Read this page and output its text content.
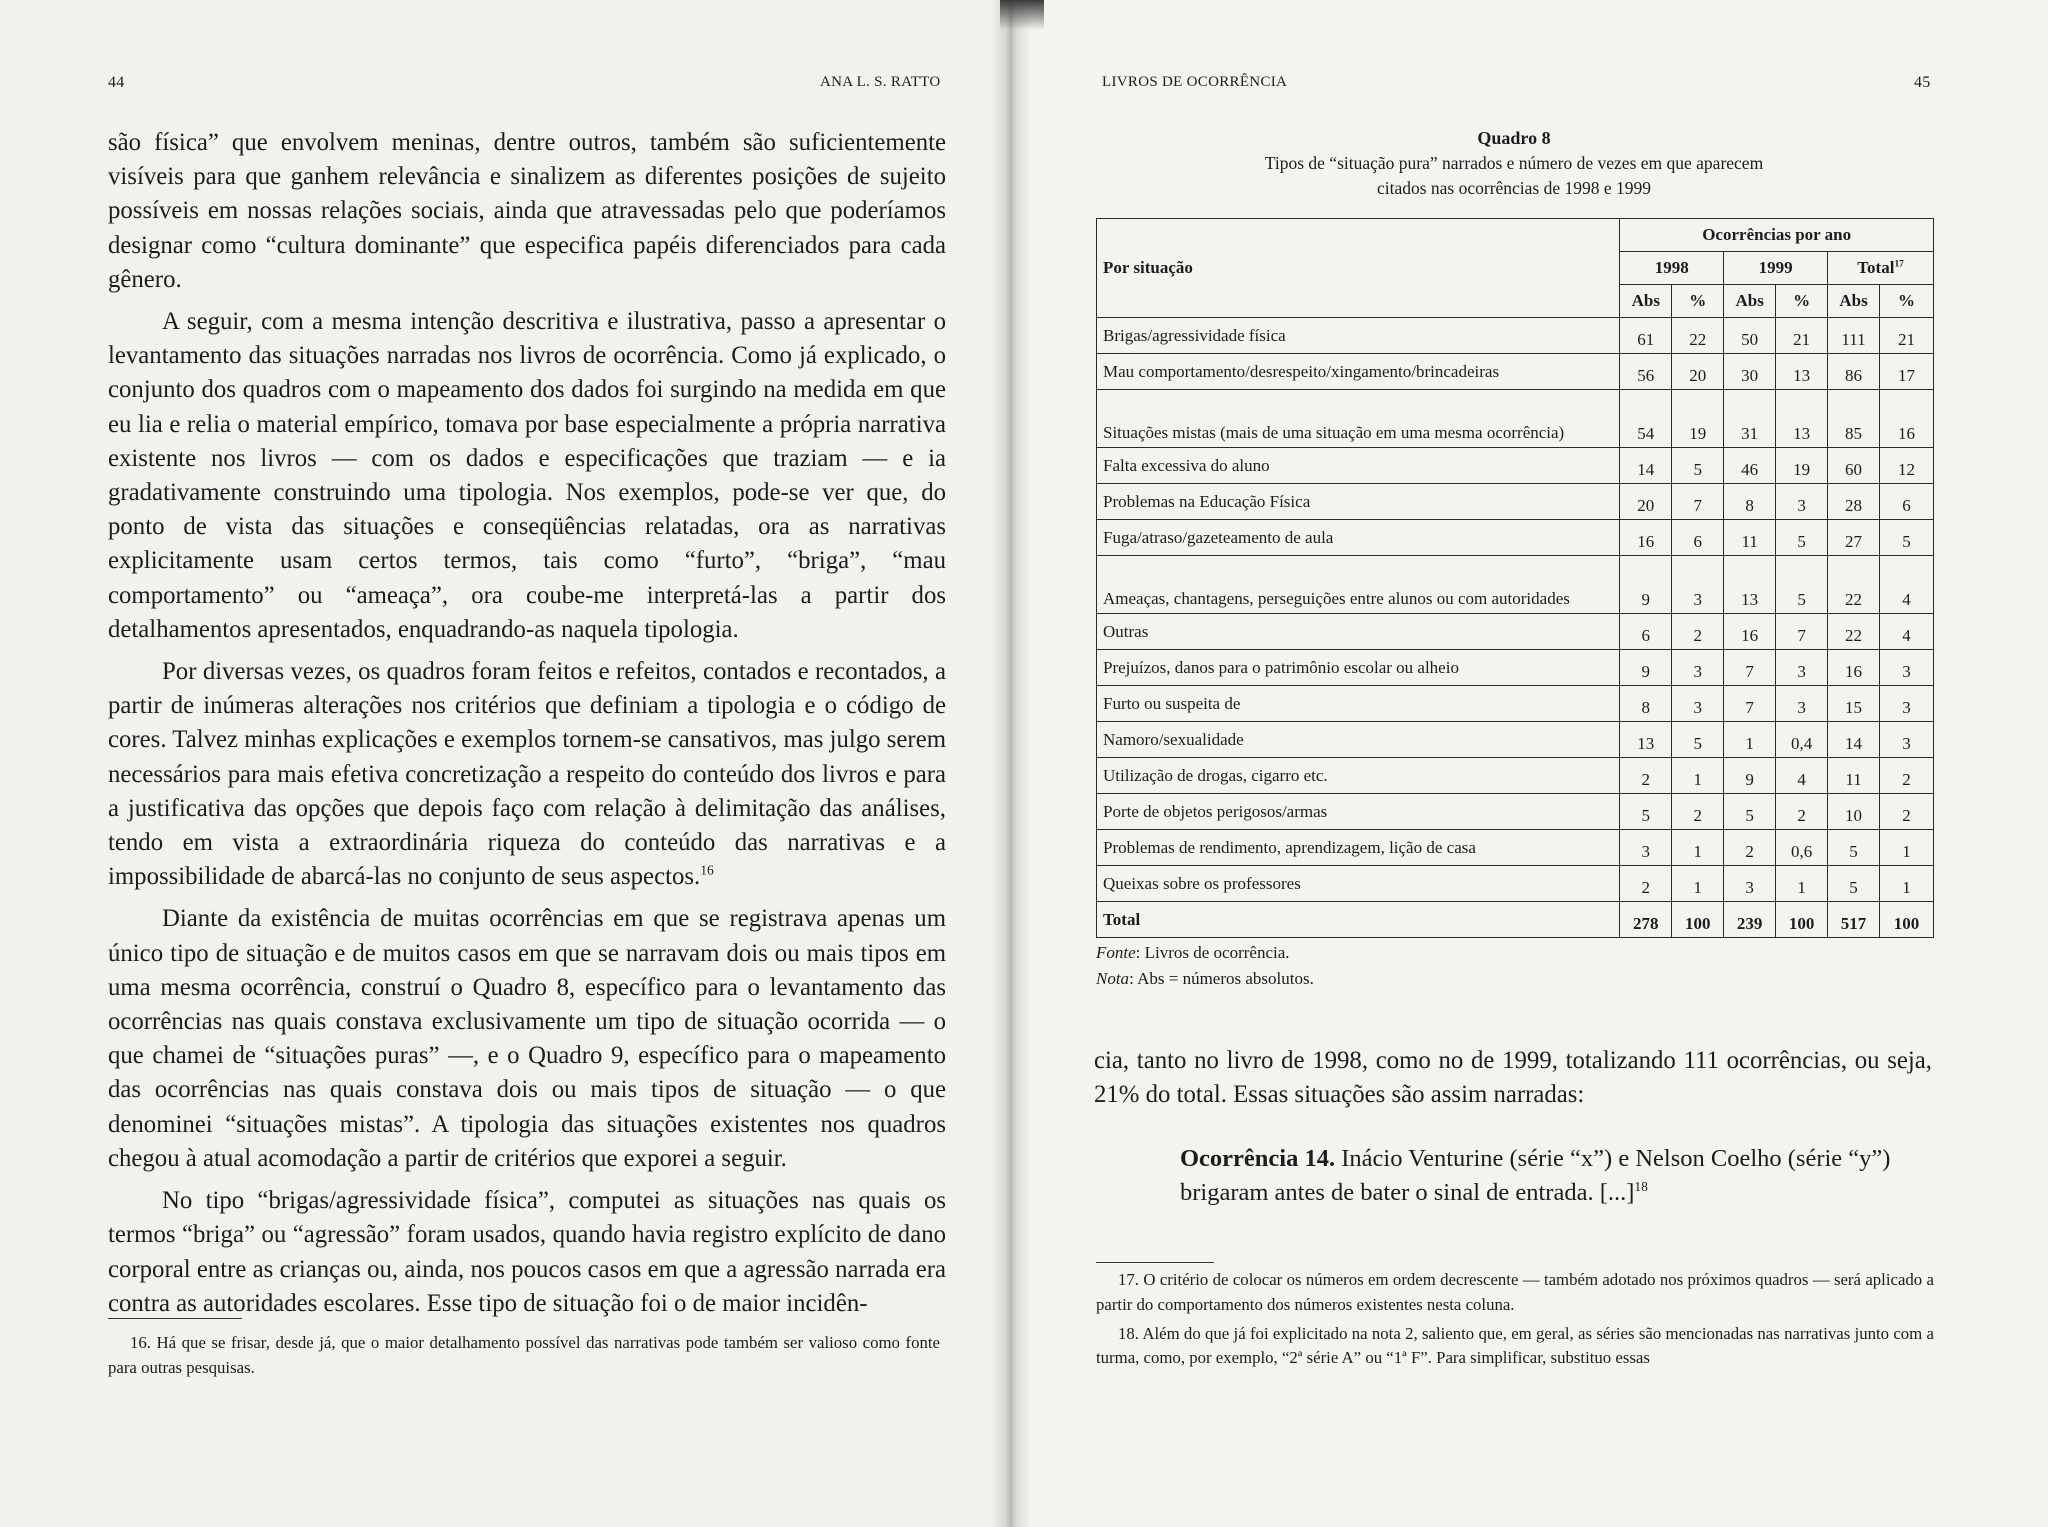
44	ANA L. S. RATTO

são física” que envolvem meninas, dentre outros, também são suficientemente visíveis para que ganhem relevância e sinalizem as diferentes posições de sujeito possíveis em nossas relações sociais, ainda que atravessadas pelo que poderíamos designar como “cultura dominante” que especifica papéis diferenciados para cada gênero.

A seguir, com a mesma intenção descritiva e ilustrativa, passo a apresentar o levantamento das situações narradas nos livros de ocorrência. Como já explicado, o conjunto dos quadros com o mapeamento dos dados foi surgindo na medida em que eu lia e relia o material empírico, tomava por base especialmente a própria narrativa existente nos livros — com os dados e especificações que traziam — e ia gradativamente construindo uma tipologia. Nos exemplos, pode-se ver que, do ponto de vista das situações e conseqüências relatadas, ora as narrativas explicitamente usam certos termos, tais como “furto”, “briga”, “mau comportamento” ou “ameaça”, ora coube-me interpretá-las a partir dos detalhamentos apresentados, enquadrando-as naquela tipologia.

Por diversas vezes, os quadros foram feitos e refeitos, contados e recontados, a partir de inúmeras alterações nos critérios que definiam a tipologia e o código de cores. Talvez minhas explicações e exemplos tornem-se cansativos, mas julgo serem necessários para mais efetiva concretização a respeito do conteúdo dos livros e para a justificativa das opções que depois faço com relação à delimitação das análises, tendo em vista a extraordinária riqueza do conteúdo das narrativas e a impossibilidade de abarcá-las no conjunto de seus aspectos.$^{16}$

Diante da existência de muitas ocorrências em que se registrava apenas um único tipo de situação e de muitos casos em que se narravam dois ou mais tipos em uma mesma ocorrência, construí o Quadro 8, específico para o levantamento das ocorrências nas quais constava exclusivamente um tipo de situação ocorrida — o que chamei de “situações puras” —, e o Quadro 9, específico para o mapeamento das ocorrências nas quais constava dois ou mais tipos de situação — o que denominei “situações mistas”. A tipologia das situações existentes nos quadros chegou à atual acomodação a partir de critérios que exporei a seguir.

No tipo “brigas/agressividade física”, computei as situações nas quais os termos “briga” ou “agressão” foram usados, quando havia registro explícito de dano corporal entre as crianças ou, ainda, nos poucos casos em que a agressão narrada era contra as autoridades escolares. Esse tipo de situação foi o de maior incidên-

16. Há que se frisar, desde já, que o maior detalhamento possível das narrativas pode também ser valioso como fonte para outras pesquisas.

LIVROS DE OCORRÊNCIA	45
Quadro 8
Tipos de “situação pura” narrados e número de vezes em que aparecem citados nas ocorrências de 1998 e 1999
Por situação	Ocorrências por ano					
	1998		1999		Total$^{17}$
	Abs	%	Abs	%	Abs	%
Brigas/agressividade física	61	22	50	21	111	21
Mau comportamento/desrespeito/xingamento/brincadeiras	56	20	30	13	86	17
Situações mistas (mais de uma situação em uma mesma ocorrência)	54	19	31	13	85	16
Falta excessiva do aluno	14	5	46	19	60	12
Problemas na Educação Física	20	7	8	3	28	6
Fuga/atraso/gazeteamento de aula	16	6	11	5	27	5
Ameaças, chantagens, perseguições entre alunos ou com autoridades	9	3	13	5	22	4
Outras	6	2	16	7	22	4
Prejuízos, danos para o patrimônio escolar ou alheio	9	3	7	3	16	3
Furto ou suspeita de	8	3	7	3	15	3
Namoro/sexualidade	13	5	1	0,4	14	3
Utilização de drogas, cigarro etc.	2	1	9	4	11	2
Porte de objetos perigosos/armas	5	2	5	2	10	2
Problemas de rendimento, aprendizagem, lição de casa	3	1	2	0,6	5	1
Queixas sobre os professores	2	1	3	1	5	1
Total	278	100	239	100	517	100
Fonte: Livros de ocorrência.
Nota: Abs = números absolutos.

cia, tanto no livro de 1998, como no de 1999, totalizando 111 ocorrências, ou seja, 21% do total. Essas situações são assim narradas:

Ocorrência 14. Inácio Venturine (série “x”) e Nelson Coelho (série “y”) brigaram antes de bater o sinal de entrada. [...]$^{18}$

17. O critério de colocar os números em ordem decrescente — também adotado nos próximos quadros — será aplicado a partir do comportamento dos números existentes nesta coluna.

18. Além do que já foi explicitado na nota 2, saliento que, em geral, as séries são mencionadas nas narrativas junto com a turma, como, por exemplo, “2ª série A” ou “1ª F”. Para simplificar, substituo essas
